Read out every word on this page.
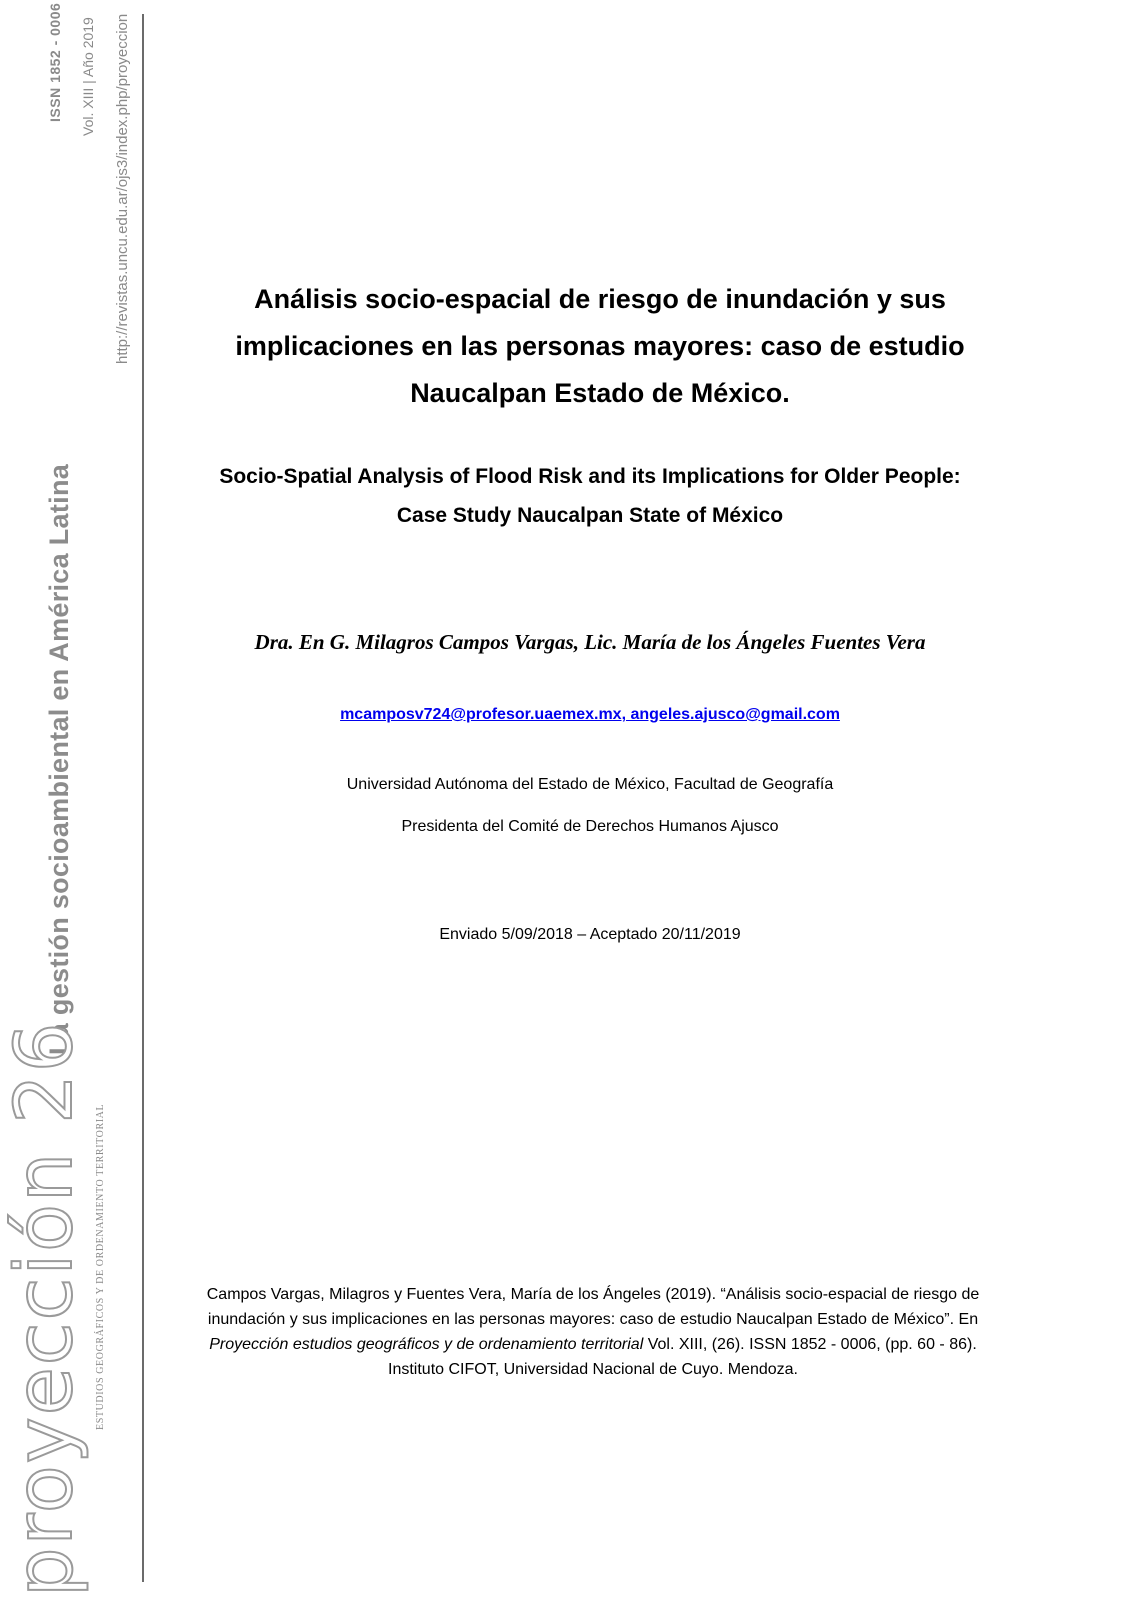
ISSN 1852 - 0006 Vol. XIII | Año 2019 http://revistas.uncu.edu.ar/ojs3/index.php/proyeccion
La gestión socioambiental en América Latina
proyección 26 ESTUDIOS GEOGRÁFICOS Y DE ORDENAMIENTO TERRITORIAL
Análisis socio-espacial de riesgo de inundación y sus
implicaciones en las personas mayores: caso de estudio
Naucalpan Estado de México.
Socio-Spatial Analysis of Flood Risk and its Implications for Older People:
Case Study Naucalpan State of México
Dra. En G. Milagros Campos Vargas, Lic. María de los Ángeles Fuentes Vera
mcamposv724@profesor.uaemex.mx, angeles.ajusco@gmail.com
Universidad Autónoma del Estado de México, Facultad de Geografía
Presidenta del Comité de Derechos Humanos Ajusco
Enviado 5/09/2018 – Aceptado 20/11/2019
Campos Vargas, Milagros y Fuentes Vera, María de los Ángeles (2019). “Análisis socio-espacial de riesgo de inundación y sus implicaciones en las personas mayores: caso de estudio Naucalpan Estado de México”. En Proyección estudios geográficos y de ordenamiento territorial Vol. XIII, (26). ISSN 1852 - 0006, (pp. 60 - 86). Instituto CIFOT, Universidad Nacional de Cuyo. Mendoza.
